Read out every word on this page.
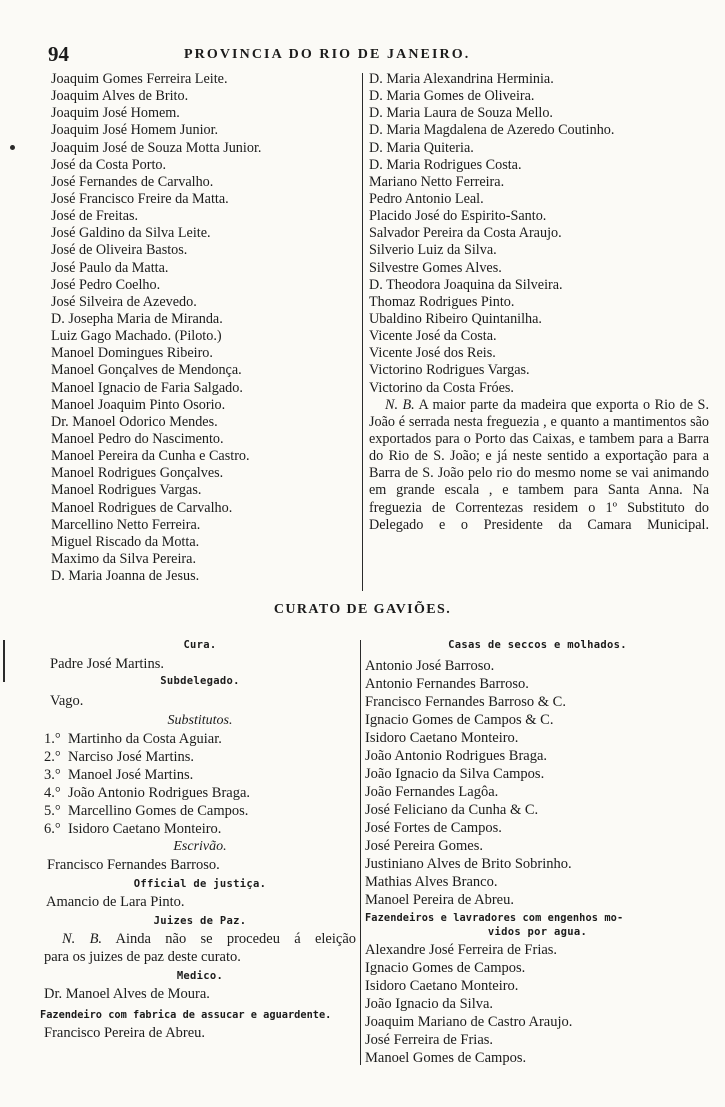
94	PROVINCIA DO RIO DE JANEIRO.
Joaquim Gomes Ferreira Leite.
Joaquim Alves de Brito.
Joaquim José Homem.
Joaquim José Homem Junior.
Joaquim José de Souza Motta Junior.
José da Costa Porto.
José Fernandes de Carvalho.
José Francisco Freire da Matta.
José de Freitas.
José Galdino da Silva Leite.
José de Oliveira Bastos.
José Paulo da Matta.
José Pedro Coelho.
José Silveira de Azevedo.
D. Josepha Maria de Miranda.
Luiz Gago Machado. (Piloto.)
Manoel Domingues Ribeiro.
Manoel Gonçalves de Mendonça.
Manoel Ignacio de Faria Salgado.
Manoel Joaquim Pinto Osorio.
Dr. Manoel Odorico Mendes.
Manoel Pedro do Nascimento.
Manoel Pereira da Cunha e Castro.
Manoel Rodrigues Gonçalves.
Manoel Rodrigues Vargas.
Manoel Rodrigues de Carvalho.
Marcellino Netto Ferreira.
Miguel Riscado da Motta.
Maximo da Silva Pereira.
D. Maria Joanna de Jesus.
D. Maria Alexandrina Herminia.
D. Maria Gomes de Oliveira.
D. Maria Laura de Souza Mello.
D. Maria Magdalena de Azeredo Coutinho.
D. Maria Quiteria.
D. Maria Rodrigues Costa.
Mariano Netto Ferreira.
Pedro Antonio Leal.
Placido José do Espirito-Santo.
Salvador Pereira da Costa Araujo.
Silverio Luiz da Silva.
Silvestre Gomes Alves.
D. Theodora Joaquina da Silveira.
Thomaz Rodrigues Pinto.
Ubaldino Ribeiro Quintanilha.
Vicente José da Costa.
Vicente José dos Reis.
Victorino Rodrigues Vargas.
Victorino da Costa Fróes.

N. B. A maior parte da madeira que exporta o Rio de S. João é serrada nesta freguezia , e quanto a mantimentos são exportados para o Porto das Caixas, e tambem para a Barra do Rio de S. João; e já neste sentido a exportação para a Barra de S. João pelo rio do mesmo nome se vai animando em grande escala , e tambem para Santa Anna. Na freguezia de Correntezas residem o 1º Substituto do Delegado e o Presidente da Camara Municipal.

CURATO DE GAVIÕES.
Cura.
Padre José Martins.
Subdelegado.
Vago.
Substitutos.
1.° Martinho da Costa Aguiar.
2.° Narciso José Martins.
3.° Manoel José Martins.
4.° João Antonio Rodrigues Braga.
5.° Marcellino Gomes de Campos.
6.° Isidoro Caetano Monteiro.
Escrivão.
Francisco Fernandes Barroso.
Official de justiça.
Amancio de Lara Pinto.
Juizes de Paz.
N. B. Ainda não se procedeu á eleição
para os juizes de paz deste curato.
Medico.
Dr. Manoel Alves de Moura.
Fazendeiro com fabrica de assucar e aguardente.
Francisco Pereira de Abreu.
Casas de seccos e molhados.
Antonio José Barroso.
Antonio Fernandes Barroso.
Francisco Fernandes Barroso & C.
Ignacio Gomes de Campos & C.
Isidoro Caetano Monteiro.
João Antonio Rodrigues Braga.
João Ignacio da Silva Campos.
João Fernandes Lagôa.
José Feliciano da Cunha & C.
José Fortes de Campos.
José Pereira Gomes.
Justiniano Alves de Brito Sobrinho.
Mathias Alves Branco.
Manoel Pereira de Abreu.
Fazendeiros e lavradores com engenhos mo-
vidos por agua.
Alexandre José Ferreira de Frias.
Ignacio Gomes de Campos.
Isidoro Caetano Monteiro.
João Ignacio da Silva.
Joaquim Mariano de Castro Araujo.
José Ferreira de Frias.
Manoel Gomes de Campos.
